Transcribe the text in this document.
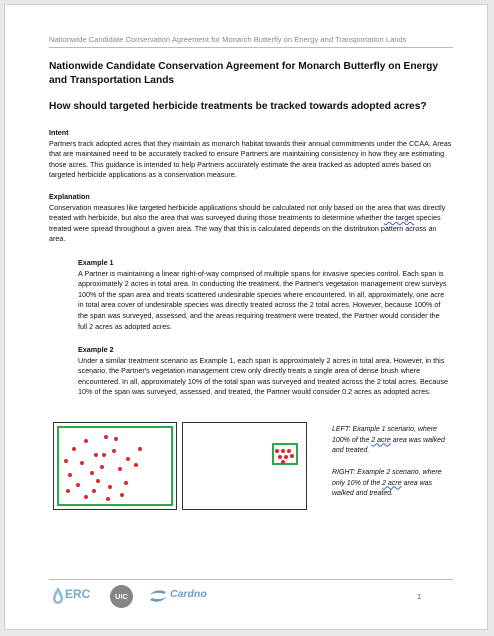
Nationwide Candidate Conservation Agreement for Monarch Butterfly on Energy and Transportation Lands
Nationwide Candidate Conservation Agreement for Monarch Butterfly on Energy and Transportation Lands
How should targeted herbicide treatments be tracked towards adopted acres?
Intent
Partners track adopted acres that they maintain as monarch habitat towards their annual commitments under the CCAA. Areas that are maintained need to be accurately tracked to ensure Partners are maintaining consistency in how they are estimating those acres. This guidance is intended to help Partners accurately estimate the area tracked as adopted acres based on targeted herbicide applications as a conservation measure.
Explanation
Conservation measures like targeted herbicide applications should be calculated not only based on the area that was directly treated with herbicide, but also the area that was surveyed during those treatments to determine whether the target species treated were spread throughout a given area. The way that this is calculated depends on the distribution pattern across an area.
Example 1
A Partner is maintaining a linear right-of-way comprised of multiple spans for invasive species control. Each span is approximately 2 acres in total area. In conducting the treatment, the Partner's vegetation management crew surveys 100% of the span area and treats scattered undesirable species where encountered. In all, approximately, one acre in total area cover of undesirable species was directly treated across the 2 total acres. However, because 100% of the span was surveyed, assessed, and the areas requiring treatment were treated, the Partner would consider the full 2 acres as adopted acres.
Example 2
Under a similar treatment scenario as Example 1, each span is approximately 2 acres in total area. However, in this scenario, the Partner's vegetation management crew only directly treats a single area of dense brush where encountered. In all, approximately 10% of the total span was surveyed and treated across the 2 total acres. Because 10% of the span was surveyed, assessed, and treated, the Partner would consider 0.2 acres as adopted acres.
LEFT: Example 1 scenario, where 100% of the 2 acre area was walked and treated.
RIGHT: Example 2 scenario, where only 10% of the 2 acre area was walked and treated.
ERC	UIC	Cardno	1
